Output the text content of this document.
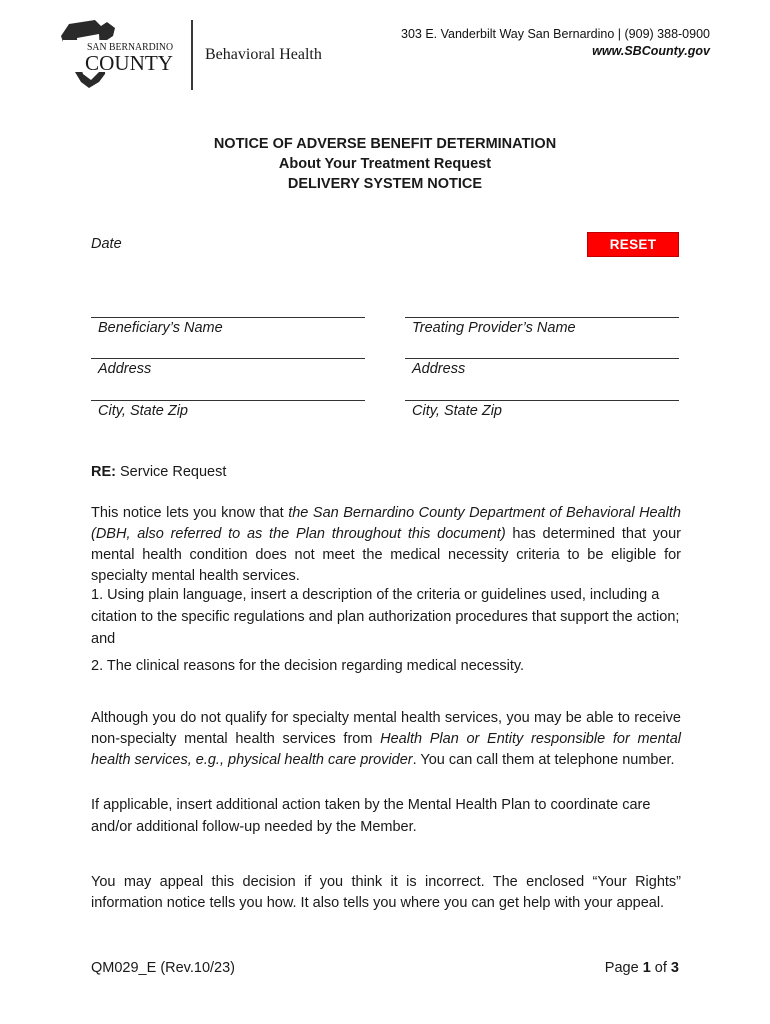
SAN BERNARDINO
COUNTY Behavioral Health
303 E. Vanderbilt Way San Bernardino | (909) 388-0900
www.SBCounty.gov
NOTICE OF ADVERSE BENEFIT DETERMINATION
About Your Treatment Request
DELIVERY SYSTEM NOTICE
Date	RESET
Beneficiary’s Name
Address
City, State Zip
Treating Provider’s Name
Address
City, State Zip
RE: Service Request
This notice lets you know that the San Bernardino County Department of Behavioral Health (DBH, also referred to as the Plan throughout this document) has determined that your mental health condition does not meet the medical necessity criteria to be eligible for specialty mental health services.
1. Using plain language, insert a description of the criteria or guidelines used, including a citation to the specific regulations and plan authorization procedures that support the action; and
2. The clinical reasons for the decision regarding medical necessity.
Although you do not qualify for specialty mental health services, you may be able to receive non-specialty mental health services from Health Plan or Entity responsible for mental health services, e.g., physical health care provider. You can call them at telephone number.
If applicable, insert additional action taken by the Mental Health Plan to coordinate care and/or additional follow-up needed by the Member.
You may appeal this decision if you think it is incorrect. The enclosed “Your Rights” information notice tells you how. It also tells you where you can get help with your appeal.
QM029_E (Rev.10/23)	Page 1 of 3
